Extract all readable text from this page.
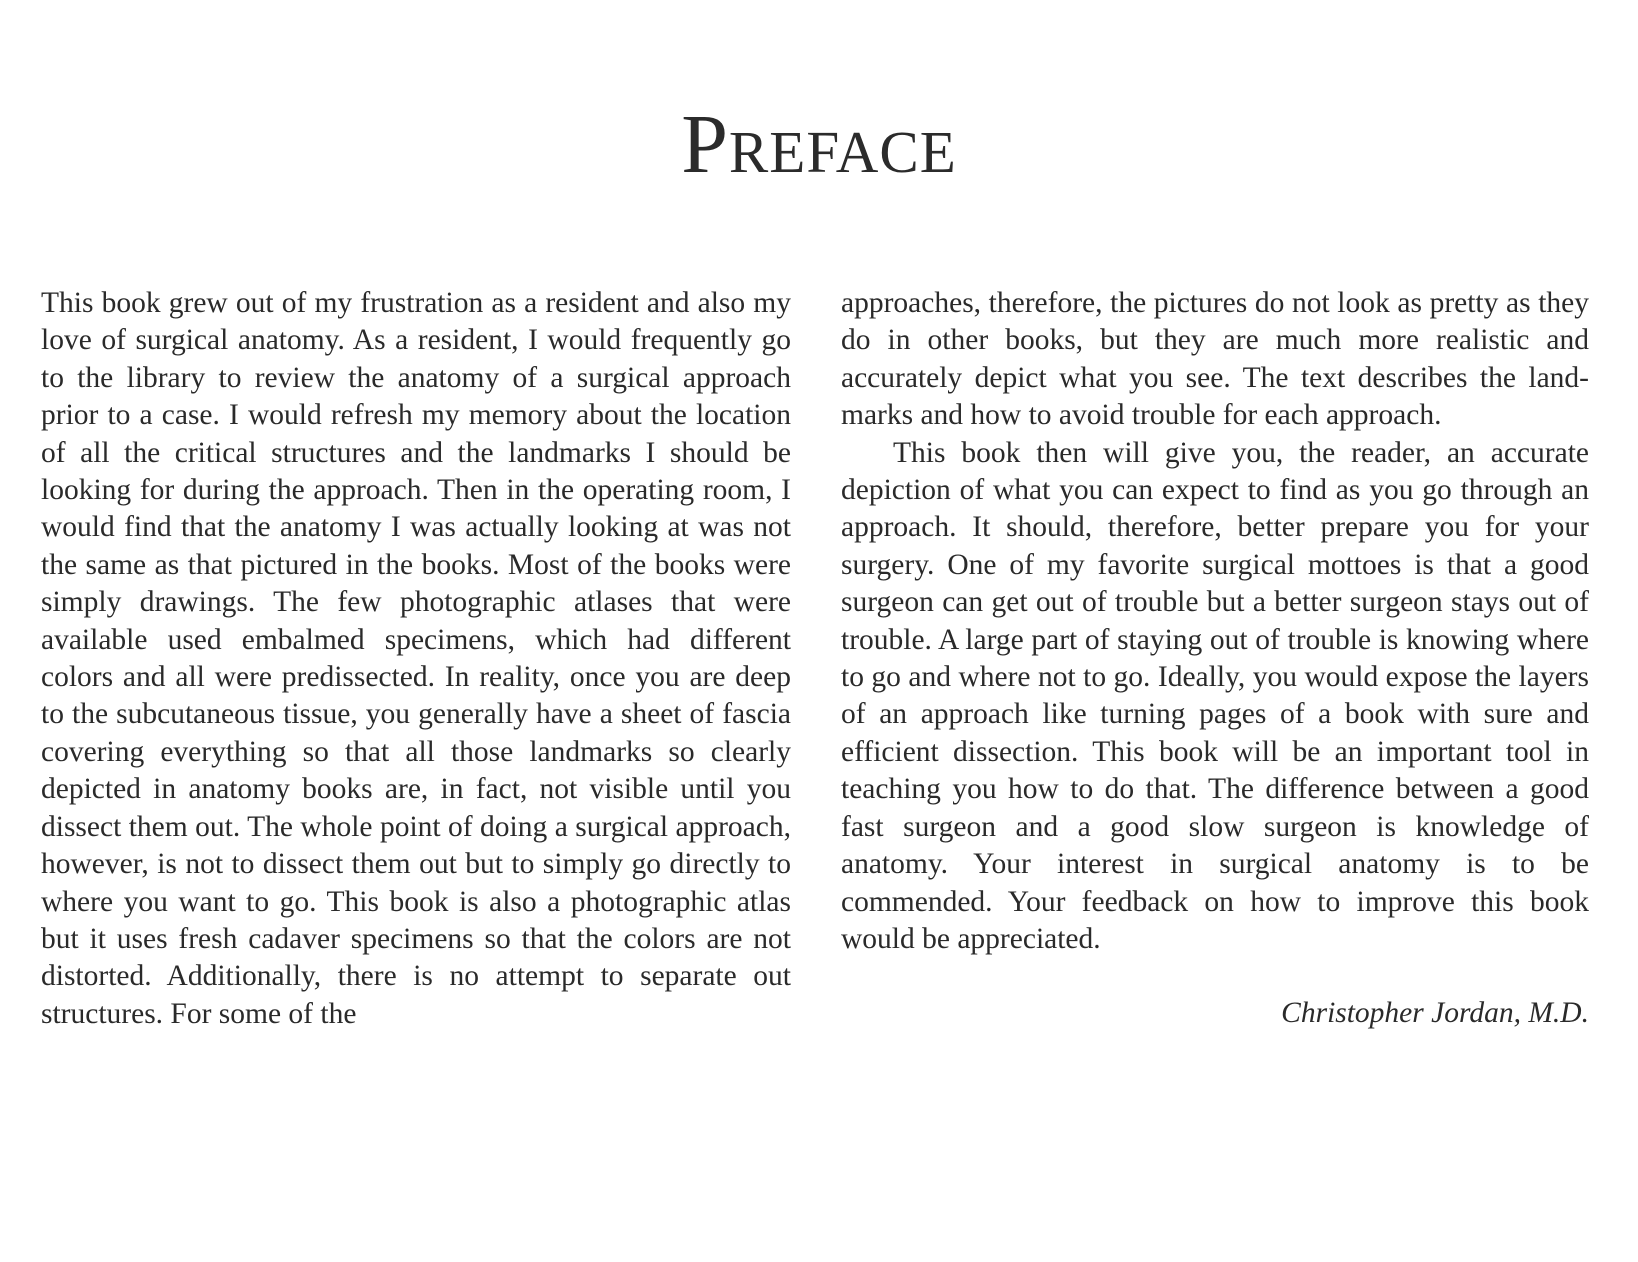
Preface

This book grew out of my frustration as a resident and also my love of surgical anatomy. As a resident, I would frequently go to the library to review the anatomy of a surgical approach prior to a case. I would refresh my memory about the location of all the critical structures and the landmarks I should be looking for during the approach. Then in the operating room, I would find that the anatomy I was actually looking at was not the same as that pictured in the books. Most of the books were simply drawings. The few photographic atlases that were available used embalmed specimens, which had different colors and all were predissected. In reality, once you are deep to the subcutaneous tissue, you generally have a sheet of fascia covering everything so that all those landmarks so clearly depicted in anatomy books are, in fact, not visible until you dissect them out. The whole point of doing a surgical approach, however, is not to dissect them out but to simply go directly to where you want to go. This book is also a photographic atlas but it uses fresh cadaver specimens so that the colors are not distorted. Additionally, there is no attempt to separate out structures. For some of the

approaches, therefore, the pictures do not look as pretty as they do in other books, but they are much more realistic and accurately depict what you see. The text describes the landmarks and how to avoid trouble for each approach.

This book then will give you, the reader, an accurate depiction of what you can expect to find as you go through an approach. It should, therefore, better prepare you for your surgery. One of my favorite surgical mottoes is that a good surgeon can get out of trouble but a better surgeon stays out of trouble. A large part of staying out of trouble is knowing where to go and where not to go. Ideally, you would expose the layers of an approach like turning pages of a book with sure and efficient dissection. This book will be an important tool in teaching you how to do that. The difference between a good fast surgeon and a good slow surgeon is knowledge of anatomy. Your interest in surgical anatomy is to be commended. Your feedback on how to improve this book would be appreciated.

Christopher Jordan, M.D.
